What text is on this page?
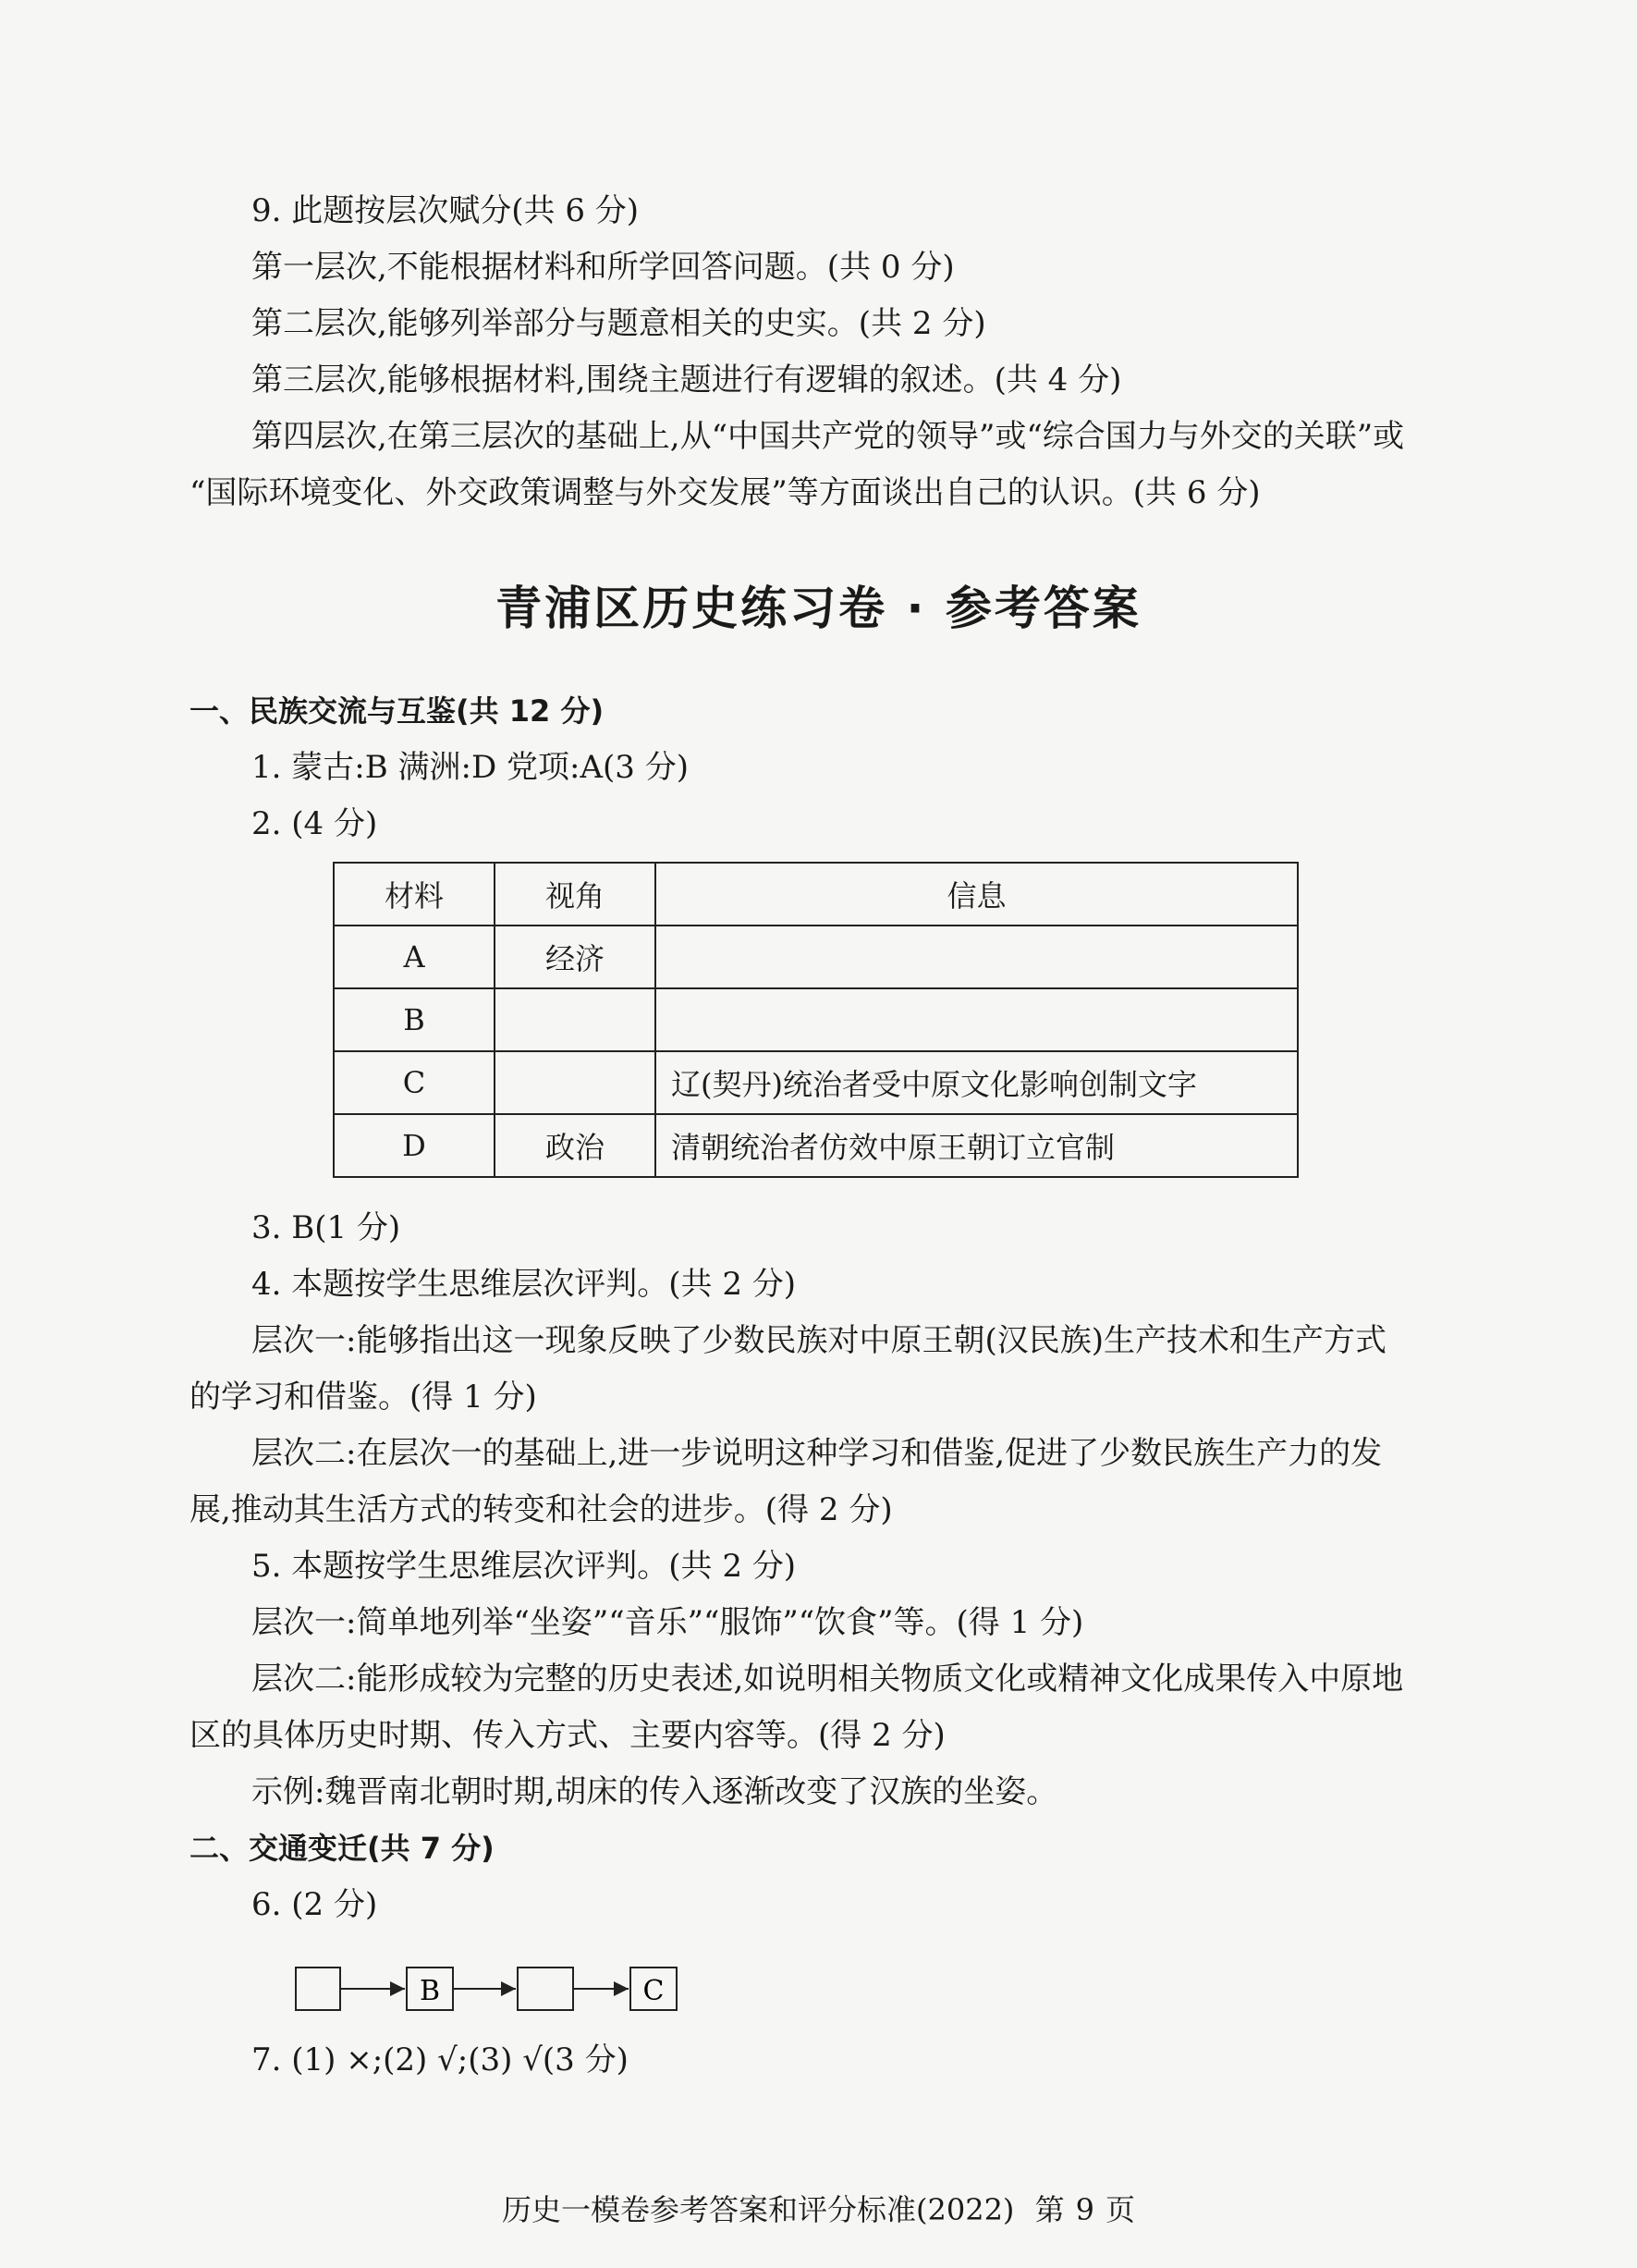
9. 此题按层次赋分(共 6 分)
第一层次,不能根据材料和所学回答问题。(共 0 分)
第二层次,能够列举部分与题意相关的史实。(共 2 分)
第三层次,能够根据材料,围绕主题进行有逻辑的叙述。(共 4 分)
第四层次,在第三层次的基础上,从“中国共产党的领导”或“综合国力与外交的关联”或
“国际环境变化、外交政策调整与外交发展”等方面谈出自己的认识。(共 6 分)
青浦区历史练习卷 · 参考答案
一、民族交流与互鉴(共 12 分)
1. 蒙古:B 满洲:D 党项:A(3 分)
2. (4 分)
材料	视角	信息
A	经济	
B		
C		辽(契丹)统治者受中原文化影响创制文字
D	政治	清朝统治者仿效中原王朝订立官制
3. B(1 分)
4. 本题按学生思维层次评判。(共 2 分)
层次一:能够指出这一现象反映了少数民族对中原王朝(汉民族)生产技术和生产方式
的学习和借鉴。(得 1 分)
层次二:在层次一的基础上,进一步说明这种学习和借鉴,促进了少数民族生产力的发
展,推动其生活方式的转变和社会的进步。(得 2 分)
5. 本题按学生思维层次评判。(共 2 分)
层次一:简单地列举“坐姿”“音乐”“服饰”“饮食”等。(得 1 分)
层次二:能形成较为完整的历史表述,如说明相关物质文化或精神文化成果传入中原地
区的具体历史时期、传入方式、主要内容等。(得 2 分)
示例:魏晋南北朝时期,胡床的传入逐渐改变了汉族的坐姿。
二、交通变迁(共 7 分)
6. (2 分)
B	C
7. (1) ×;(2) √;(3) √(3 分)
历史一模卷参考答案和评分标准(2022) 第 9 页
